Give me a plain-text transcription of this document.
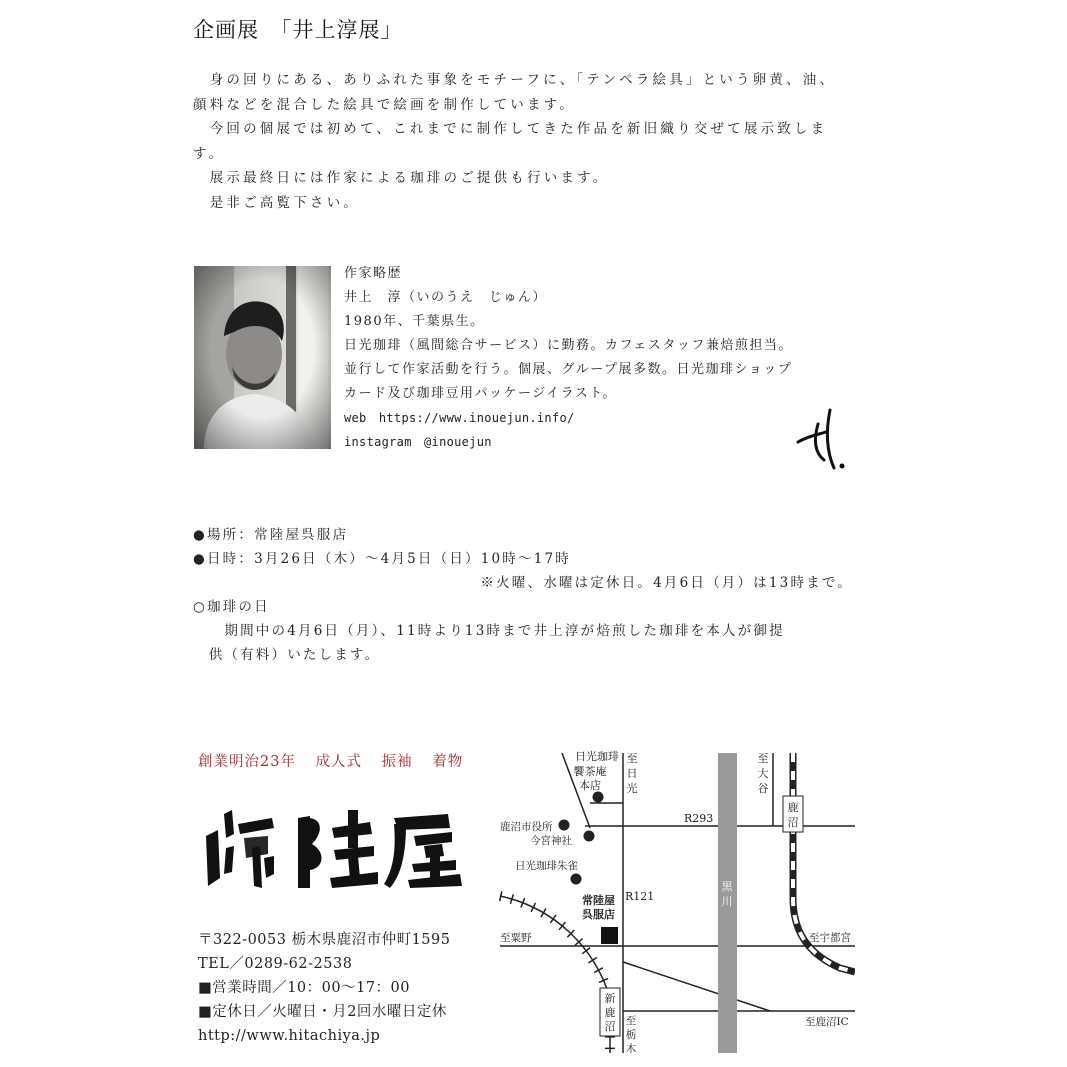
企画展　「井上淳展」

　身の回りにある、ありふれた事象をモチーフに、「テンペラ絵具」という卵黄、油、顔料などを混合した絵具で絵画を制作しています。

　今回の個展では初めて、これまでに制作してきた作品を新旧織り交ぜて展示致します。

　展示最終日には作家による珈琲のご提供も行います。

　是非ご高覧下さい。

作家略歴
井上　淳（いのうえ　じゅん）
1980年、千葉県生。
日光珈琲（風間総合サービス）に勤務。カフェスタッフ兼焙煎担当。
並行して作家活動を行う。個展、グループ展多数。日光珈琲ショップ
カード及び珈琲豆用パッケージイラスト。
web　https://www.inouejun.info/
instagram　@inouejun
●場所：常陸屋呉服店
●日時：3月26日（木）～4月5日（日）10時～17時
※火曜、水曜は定休日。4月6日（月）は13時まで。
○珈琲の日
　　期間中の4月6日（月）、11時より13時まで井上淳が焙煎した珈琲を本人が御提
　供（有料）いたします。
創業明治23年 成人式 振袖 着物
〒322-0053 栃木県鹿沼市仲町1595
TEL／0289-62-2538
■営業時間／10：00～17：00
■定休日／火曜日・月2回水曜日定休
http://www.hitachiya.jp
黒
川
鹿
沼
新
鹿
沼
日光珈琲
饗茶庵
本店
至
日
光
至
大
谷
R293
鹿沼市役所
今宮神社
日光珈琲朱雀
R121
常陸屋
呉服店
至粟野	至宇都宮
至鹿沼IC
至
栃
木
